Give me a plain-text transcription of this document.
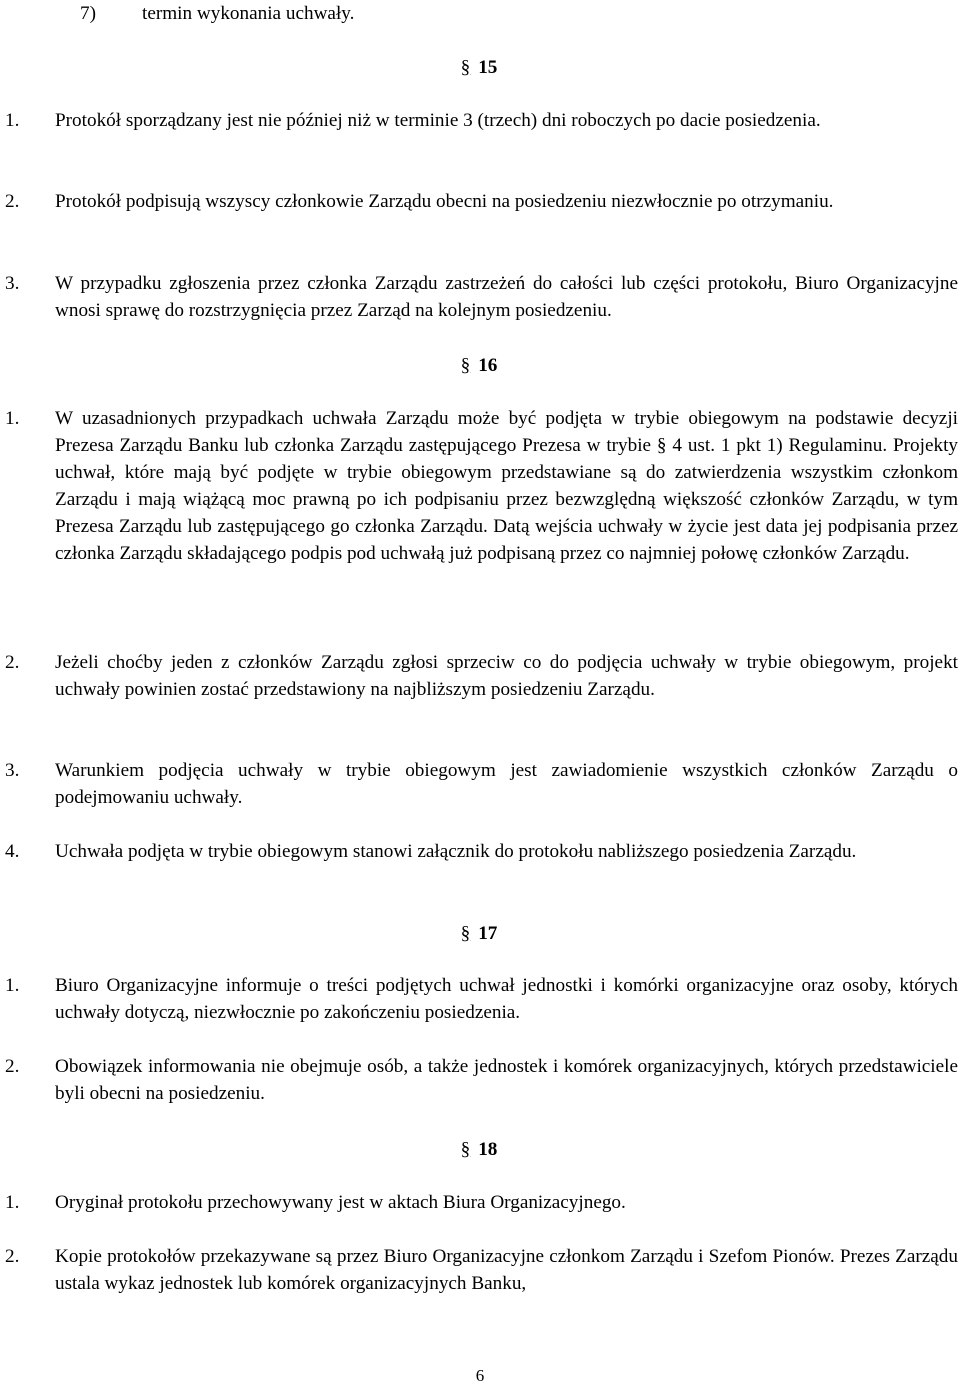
7) termin wykonania uchwały.
§ 15
1. Protokół sporządzany jest nie później niż w terminie 3 (trzech) dni roboczych po dacie posiedzenia.
2. Protokół podpisują wszyscy członkowie Zarządu obecni na posiedzeniu niezwłocznie po otrzymaniu.
3. W przypadku zgłoszenia przez członka Zarządu zastrzeżeń do całości lub części protokołu, Biuro Organizacyjne wnosi sprawę do rozstrzygnięcia przez Zarząd na kolejnym posiedzeniu.
§ 16
1. W uzasadnionych przypadkach uchwała Zarządu może być podjęta w trybie obiegowym na podstawie decyzji Prezesa Zarządu Banku lub członka Zarządu zastępującego Prezesa w trybie § 4 ust. 1 pkt 1) Regulaminu. Projekty uchwał, które mają być podjęte w trybie obiegowym przedstawiane są do zatwierdzenia wszystkim członkom Zarządu i mają wiążącą moc prawną po ich podpisaniu przez bezwzględną większość członków Zarządu, w tym Prezesa Zarządu lub zastępującego go członka Zarządu. Datą wejścia uchwały w życie jest data jej podpisania przez członka Zarządu składającego podpis pod uchwałą już podpisaną przez co najmniej połowę członków Zarządu.
2. Jeżeli choćby jeden z członków Zarządu zgłosi sprzeciw co do podjęcia uchwały w trybie obiegowym, projekt uchwały powinien zostać przedstawiony na najbliższym posiedzeniu Zarządu.
3. Warunkiem podjęcia uchwały w trybie obiegowym jest zawiadomienie wszystkich członków Zarządu o podejmowaniu uchwały.
4. Uchwała podjęta w trybie obiegowym stanowi załącznik do protokołu nabliższego posiedzenia Zarządu.
§ 17
1. Biuro Organizacyjne informuje o treści podjętych uchwał jednostki i komórki organizacyjne oraz osoby, których uchwały dotyczą, niezwłocznie po zakończeniu posiedzenia.
2. Obowiązek informowania nie obejmuje osób, a także jednostek i komórek organizacyjnych, których przedstawiciele byli obecni na posiedzeniu.
§ 18
1. Oryginał protokołu przechowywany jest w aktach Biura Organizacyjnego.
2. Kopie protokołów przekazywane są przez Biuro Organizacyjne członkom Zarządu i Szefom Pionów. Prezes Zarządu ustala wykaz jednostek lub komórek organizacyjnych Banku,
6
